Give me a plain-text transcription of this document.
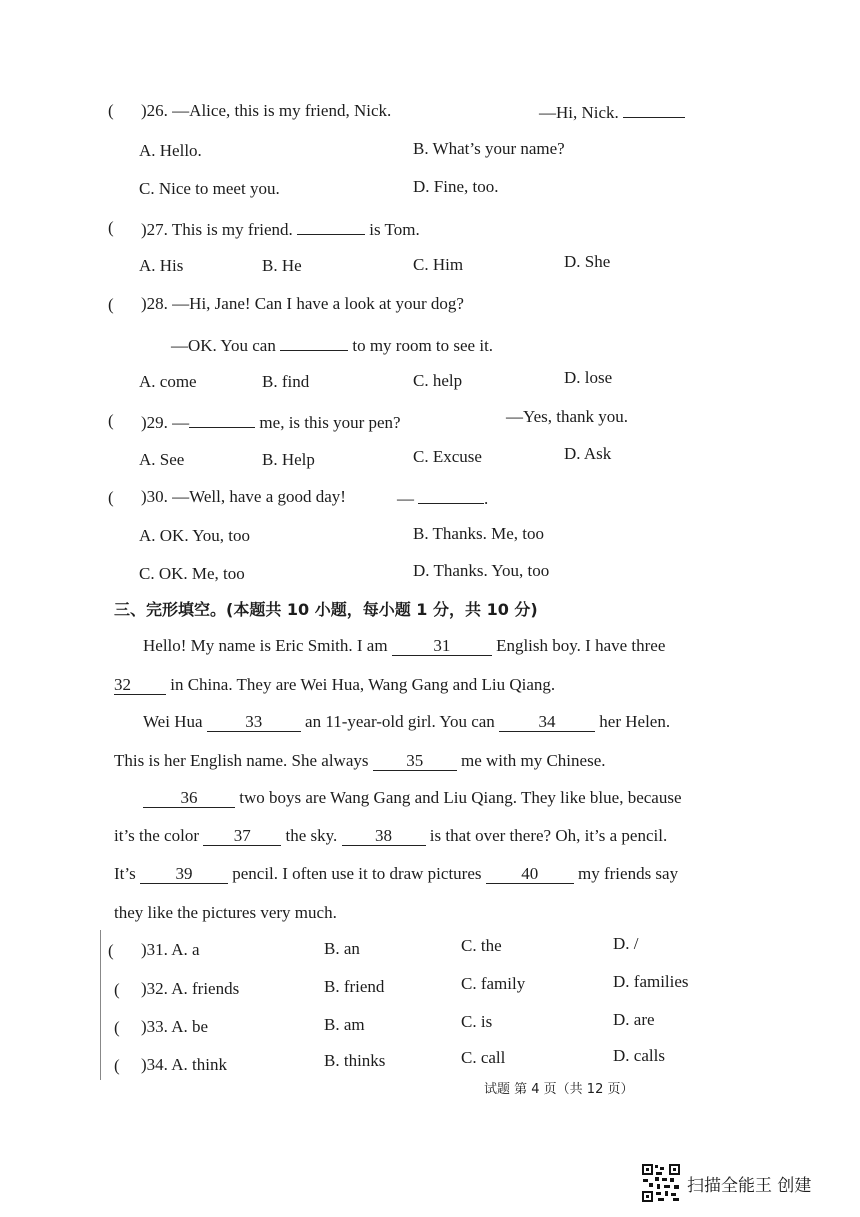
( )26. —Alice, this is my friend, Nick.	—Hi, Nick.
A. Hello.	B. What’s your name?
C. Nice to meet you.	D. Fine, too.
( )27. This is my friend.	is Tom.
A. His	B. He	C. Him	D. She
( )28. —Hi, Jane! Can I have a look at your dog?
—OK. You can	to my room to see it.
A. come	B. find	C. help	D. lose
( )29. —	me, is this your pen?	—Yes, thank you.
A. See	B. Help	C. Excuse	D. Ask
( )30. —Well, have a good day!	—	.
A. OK. You, too	B. Thanks. Me, too
C. OK. Me, too	D. Thanks. You, too
三、完形填空。(本题共 10 小题，每小题 1 分，共 10 分)
Hello! My name is Eric Smith. I am	31	English boy. I have three
32 in China. They are Wei Hua, Wang Gang and Liu Qiang.
Wei Hua	33	an 11-year-old girl. You can	34	her Helen.
This is her English name. She always 35 me with my Chinese.
36 two boys are Wang Gang and Liu Qiang. They like blue, because
it’s the color 37 the sky. 38 is that over there? Oh, it’s a pencil.
It’s 39 pencil. I often use it to draw pictures 40 my friends say
they like the pictures very much.
( )31. A. a	B. an	C. the	D. /
( )32. A. friends	B. friend	C. family	D. families
( )33. A. be	B. am	C. is	D. are
( )34. A. think	B. thinks	C. call	D. calls
试题 第 4 页（共 12 页）
扫描全能王 创建
